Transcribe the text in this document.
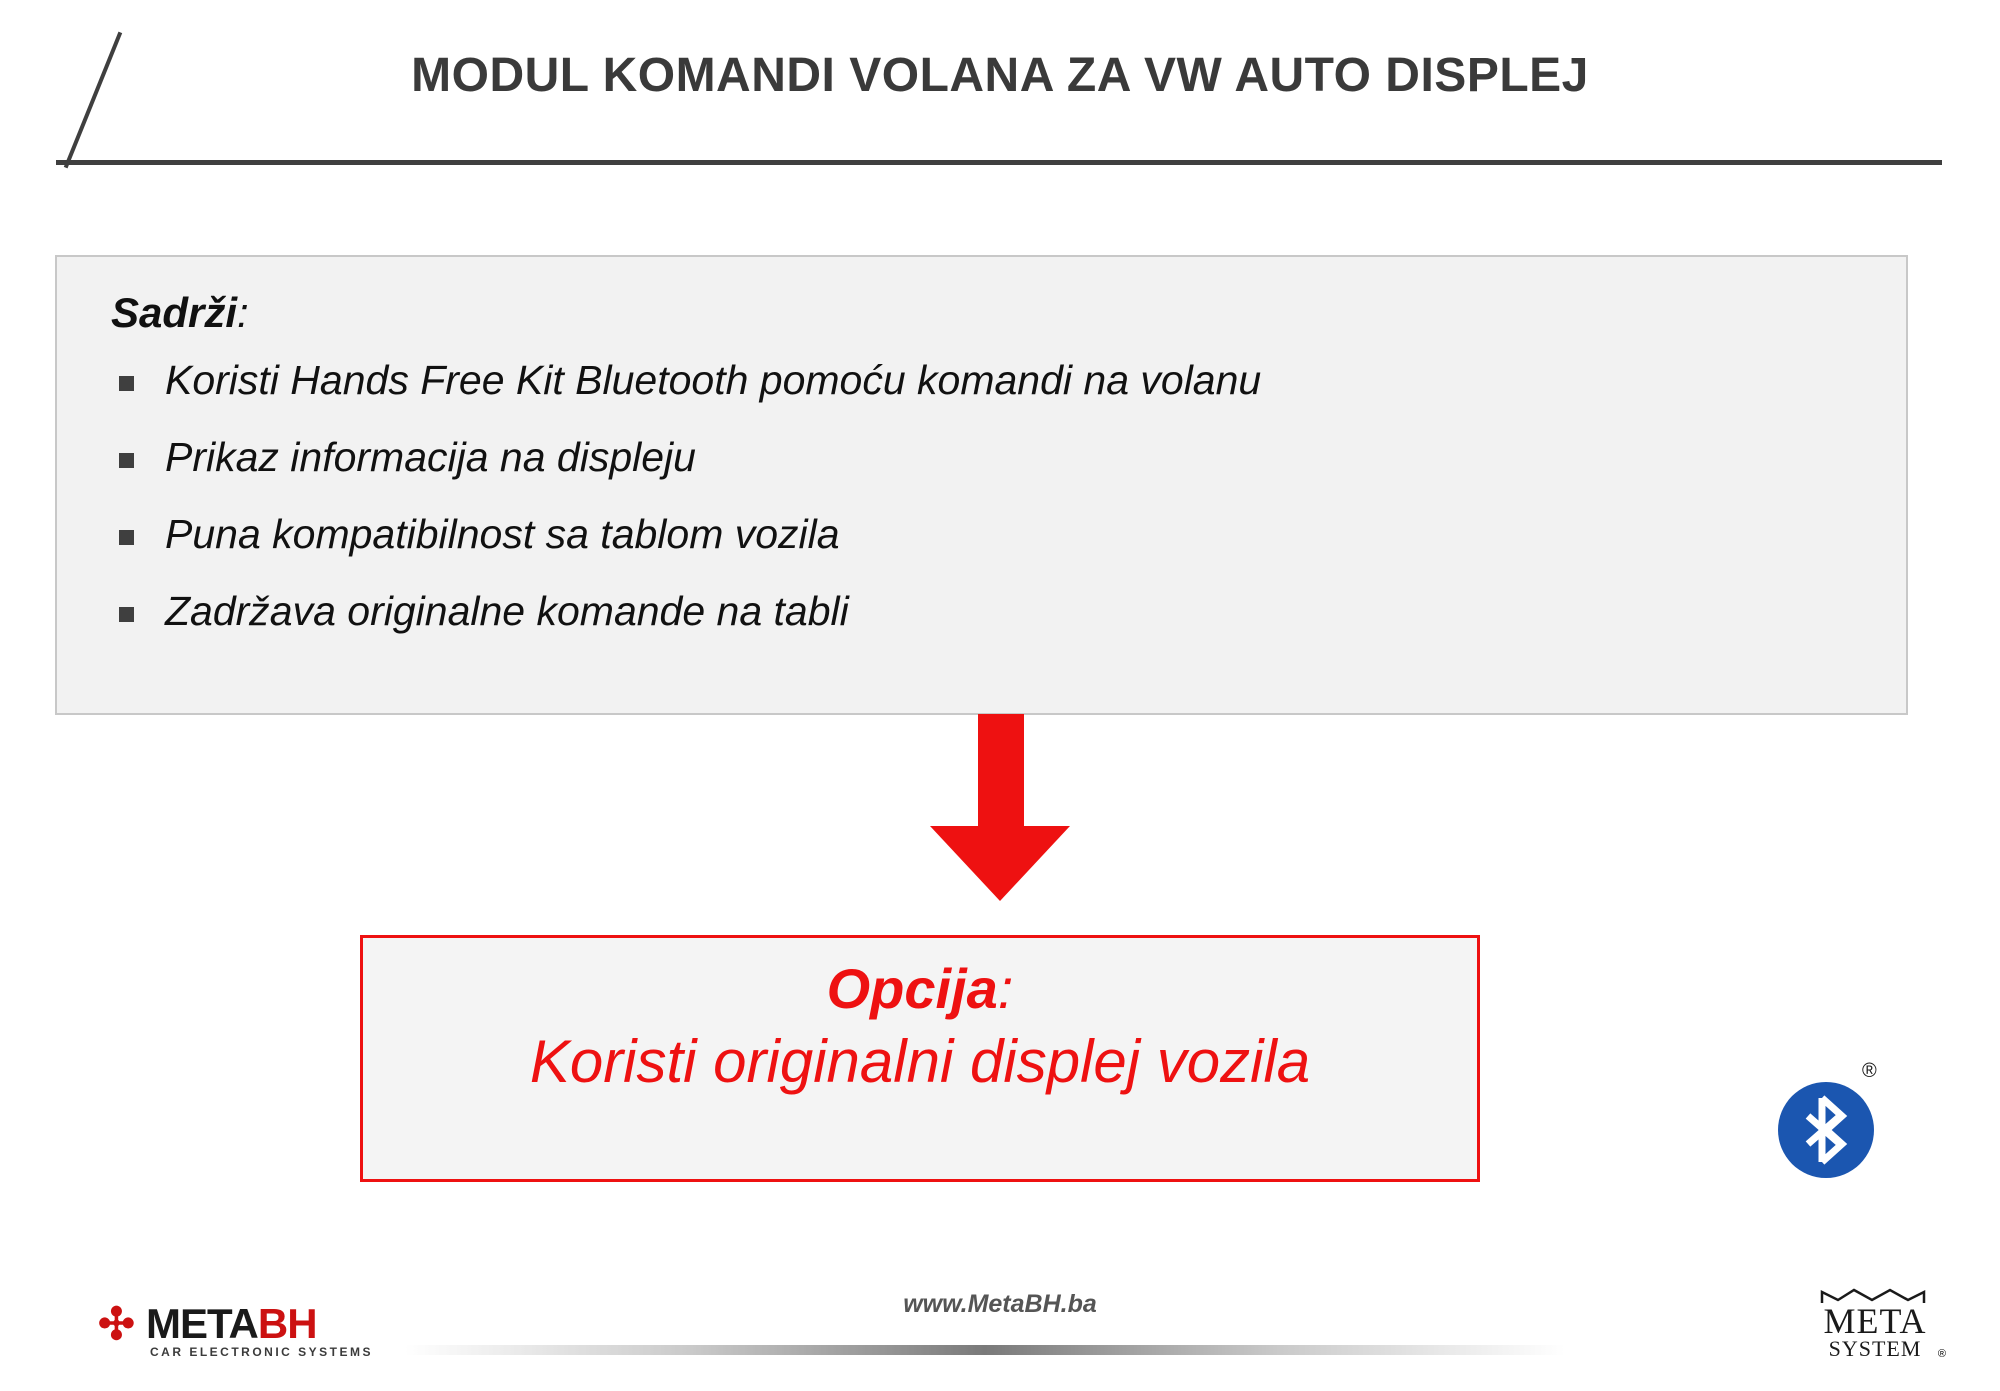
MODUL KOMANDI VOLANA ZA VW AUTO DISPLEJ
Sadrži:
Koristi Hands Free Kit Bluetooth pomoću komandi na volanu
Prikaz informacija na displeju
Puna kompatibilnost sa tablom vozila
Zadržava originalne komande na tabli
Opcija:
Koristi originalni displej vozila	®
www.MetaBH.ba
✣ METABH
CAR ELECTRONIC SYSTEMS
META
SYSTEM	®
